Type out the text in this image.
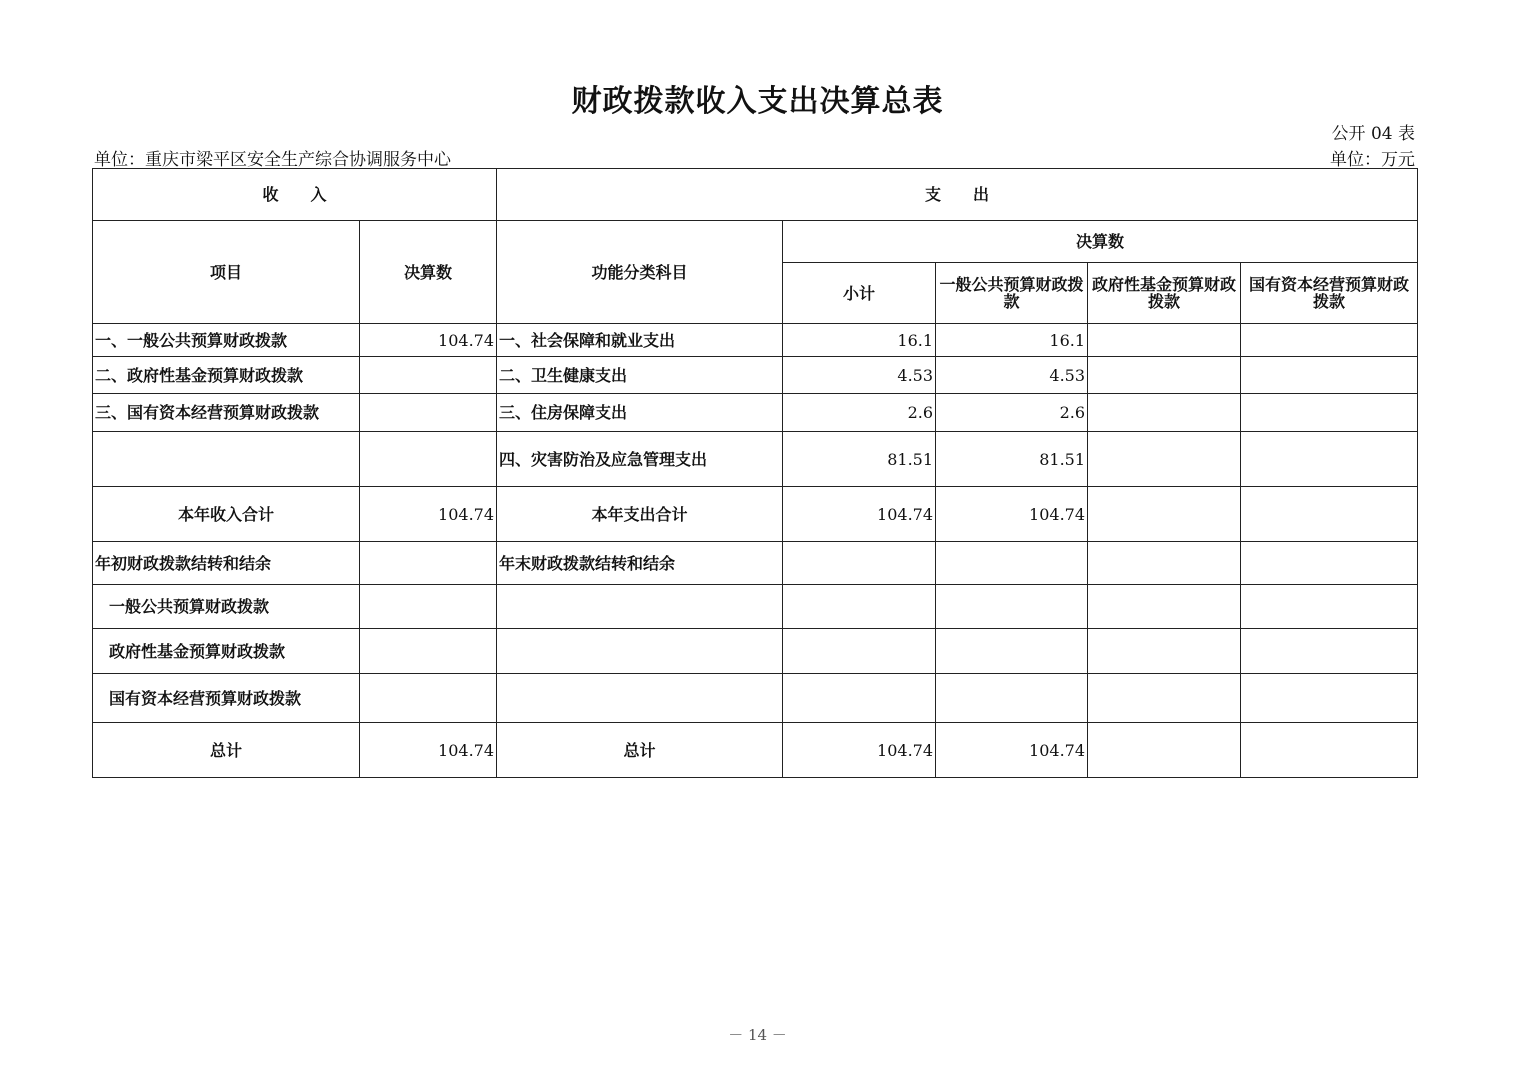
财政拨款收入支出决算总表
公开 04 表
单位：重庆市梁平区安全生产综合协调服务中心	单位：万元
收　　入		支　　出				
项目	决算数	功能分类科目	决算数			
			小计	一般公共预算财政拨款	政府性基金预算财政拨款	国有资本经营预算财政拨款
一、一般公共预算财政拨款	104.74	一、社会保障和就业支出	16.1	16.1		
二、政府性基金预算财政拨款		二、卫生健康支出	4.53	4.53		
三、国有资本经营预算财政拨款		三、住房保障支出	2.6	2.6		
		四、灾害防治及应急管理支出	81.51	81.51		
本年收入合计	104.74	本年支出合计	104.74	104.74		
年初财政拨款结转和结余		年末财政拨款结转和结余				
一般公共预算财政拨款						
政府性基金预算财政拨款						
国有资本经营预算财政拨款						
总计	104.74	总计	104.74	104.74		
－ 14 －
